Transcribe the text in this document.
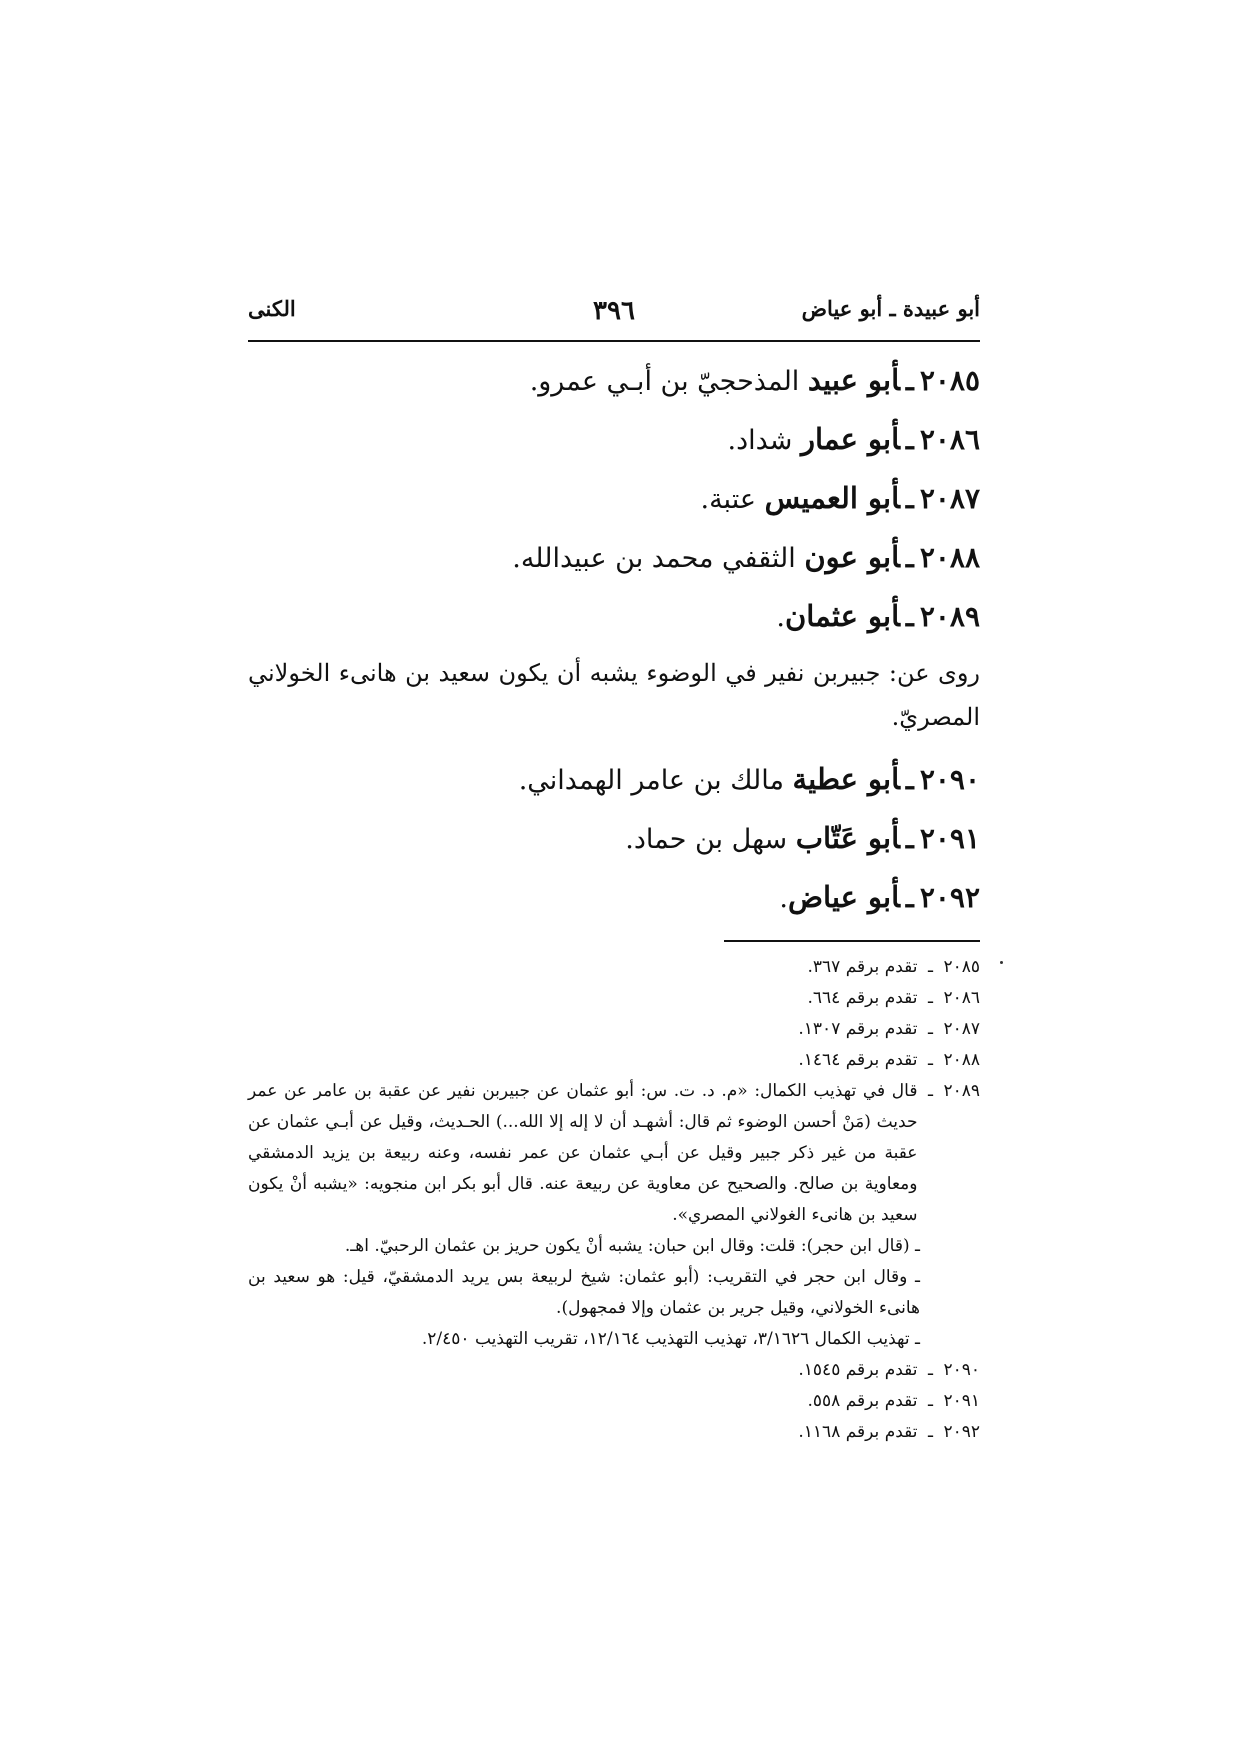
أبو عبيدة ـ أبو عياض
٣٩٦
الكنى
٢٠٨٥ـأبو عبيد المذحجيّ بن أبـي عمرو.
٢٠٨٦ـأبو عمار شداد.
٢٠٨٧ـأبو العميس عتبة.
٢٠٨٨ـأبو عون الثقفي محمد بن عبيدالله.
٢٠٨٩ـأبو عثمان.
روى عن: جبيربن نفير في الوضوء يشبه أن يكون سعيد بن هانىء الخولاني المصريّ.
٢٠٩٠ـأبو عطية مالك بن عامر الهمداني.
٢٠٩١ـأبو عَتّاب سهل بن حماد.
٢٠٩٢ـأبو عياض.
٢٠٨٥
ـ
تقدم برقم ٣٦٧.
٢٠٨٦
ـ
تقدم برقم ٦٦٤.
٢٠٨٧
ـ
تقدم برقم ١٣٠٧.
٢٠٨٨
ـ
تقدم برقم ١٤٦٤.
٢٠٨٩
ـ
قال في تهذيب الكمال: «م. د. ت. س: أبو عثمان عن جبيربن نفير عن عقبة بن عامر عن عمر حديث (مَنْ أحسن الوضوء ثم قال: أشهـد أن لا إله إلا الله...) الحـديث، وقيل عن أبـي عثمان عن عقبة من غير ذكر جبير وقيل عن أبـي عثمان عن عمر نفسه، وعنه ربيعة بن يزيد الدمشقي ومعاوية بن صالح. والصحيح عن معاوية عن ربيعة عنه. قال أبو بكر ابن منجويه: «يشبه أنْ يكون سعيد بن هانىء الغولاني المصري».
ـ (قال ابن حجر): قلت: وقال ابن حبان: يشبه أنْ يكون حريز بن عثمان الرحبيّ. اهـ.
ـ وقال ابن حجر في التقريب: (أبو عثمان: شيخ لربيعة بس يريد الدمشقيّ، قيل: هو سعيد بن هانىء الخولاني، وقيل جرير بن عثمان وإلا فمجهول).
ـ تهذيب الكمال ٣/١٦٢٦، تهذيب التهذيب ١٢/١٦٤، تقريب التهذيب ٢/٤٥٠.
٢٠٩٠
ـ
تقدم برقم ١٥٤٥.
٢٠٩١
ـ
تقدم برقم ٥٥٨.
٢٠٩٢
ـ
تقدم برقم ١١٦٨.
